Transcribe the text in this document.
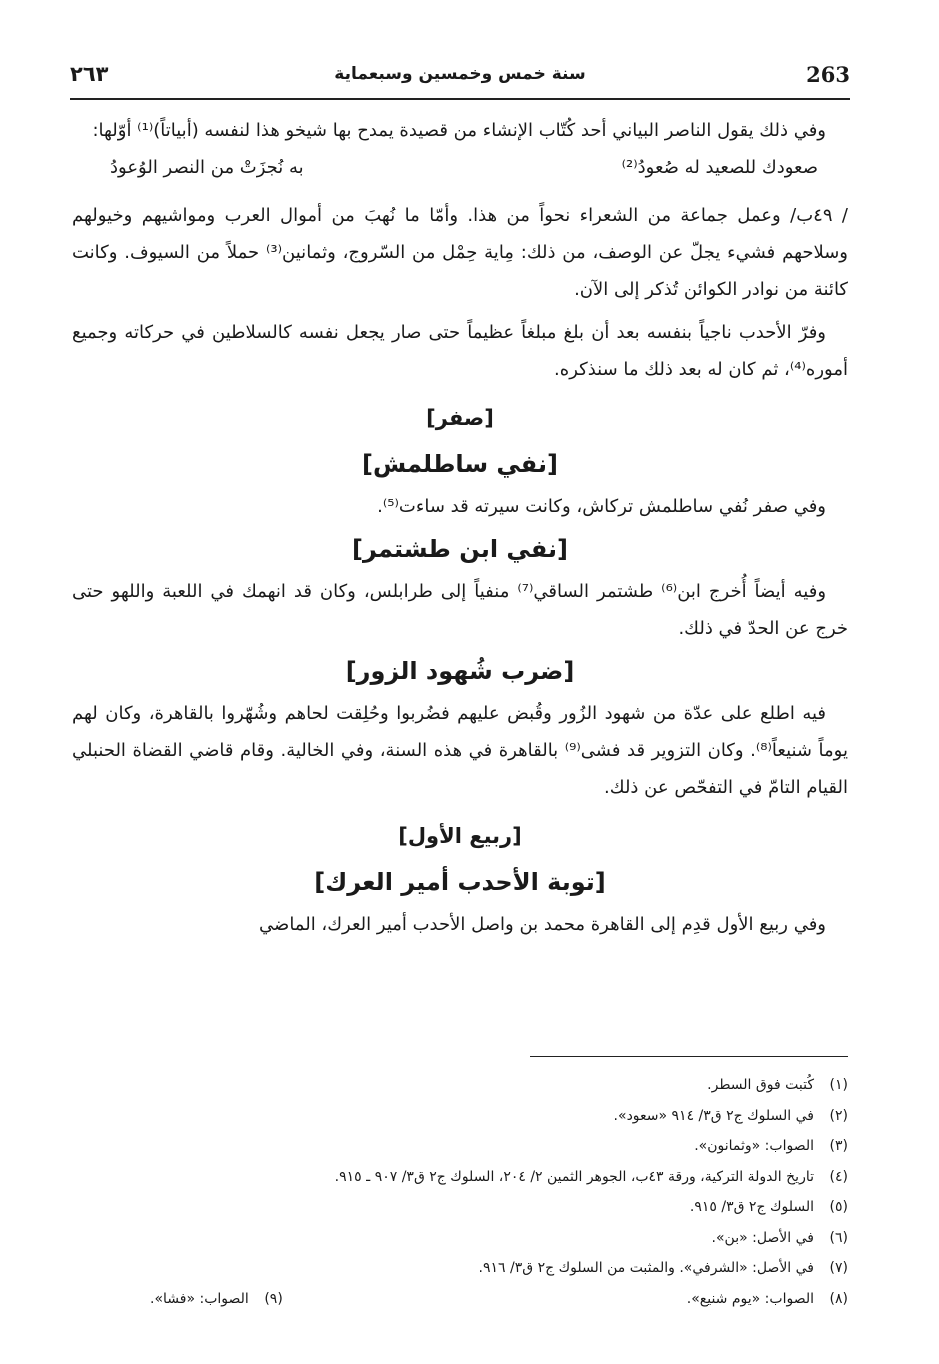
263
سنة خمس وخمسين وسبعماية
٢٦٣

وفي ذلك يقول الناصر البياني أحد كُتّاب الإنشاء من قصيدة يمدح بها شيخو هذا لنفسه (أبياتاً)⁽¹⁾ أوّلها:

صعودك للصعيد له صُعودُ⁽²⁾
به نُجزَتْ من النصر الوُعودُ

/ ٤٩ب/ وعمل جماعة من الشعراء نحواً من هذا. وأمّا ما نُهبَ من أموال العرب ومواشيهم وخيولهم وسلاحهم فشيء يجلّ عن الوصف، من ذلك: مِاية حِمْل من السّروج، وثمانين⁽³⁾ حملاً من السيوف. وكانت كائنة من نوادر الكوائن تُذكر إلى الآن.

وفرّ الأحدب ناجياً بنفسه بعد أن بلغ مبلغاً عظيماً حتى صار يجعل نفسه كالسلاطين في حركاته وجميع أموره⁽⁴⁾، ثم كان له بعد ذلك ما سنذكره.

[صفر]
[نفي ساطلمش]

وفي صفر نُفي ساطلمش تركاش، وكانت سيرته قد ساءت⁽⁵⁾.

[نفي ابن طشتمر]

وفيه أيضاً أُخرج ابن⁽⁶⁾ طشتمر الساقي⁽⁷⁾ منفياً إلى طرابلس، وكان قد انهمك في اللعبة واللهو حتى خرج عن الحدّ في ذلك.

[ضرب شُهود الزور]

فيه اطلع على عدّة من شهود الزُور وقُبض عليهم فضُربوا وحُلِقت لحاهم وشُهّروا بالقاهرة، وكان لهم يوماً شنيعاً⁽⁸⁾. وكان التزوير قد فشى⁽⁹⁾ بالقاهرة في هذه السنة، وفي الخالية. وقام قاضي القضاة الحنبلي القيام التامّ في التفحّص عن ذلك.

[ربيع الأول]
[توبة الأحدب أمير العرك]

وفي ربيع الأول قدِم إلى القاهرة محمد بن واصل الأحدب أمير العرك، الماضي

(١)كُتبت فوق السطر.
(٢)في السلوك ج٢ ق٣/ ٩١٤ «سعود».
(٣)الصواب: «وثمانون».
(٤)تاريخ الدولة التركية، ورقة ٤٣ب، الجوهر الثمين ٢/ ٢٠٤، السلوك ج٢ ق٣/ ٩٠٧ ـ ٩١٥.
(٥)السلوك ج٢ ق٣/ ٩١٥.
(٦)في الأصل: «بن».
(٧)في الأصل: «الشرفي». والمثبت من السلوك ج٢ ق٣/ ٩١٦.
(٨)الصواب: «يوم شنيع».
(٩)الصواب: «فشا».
